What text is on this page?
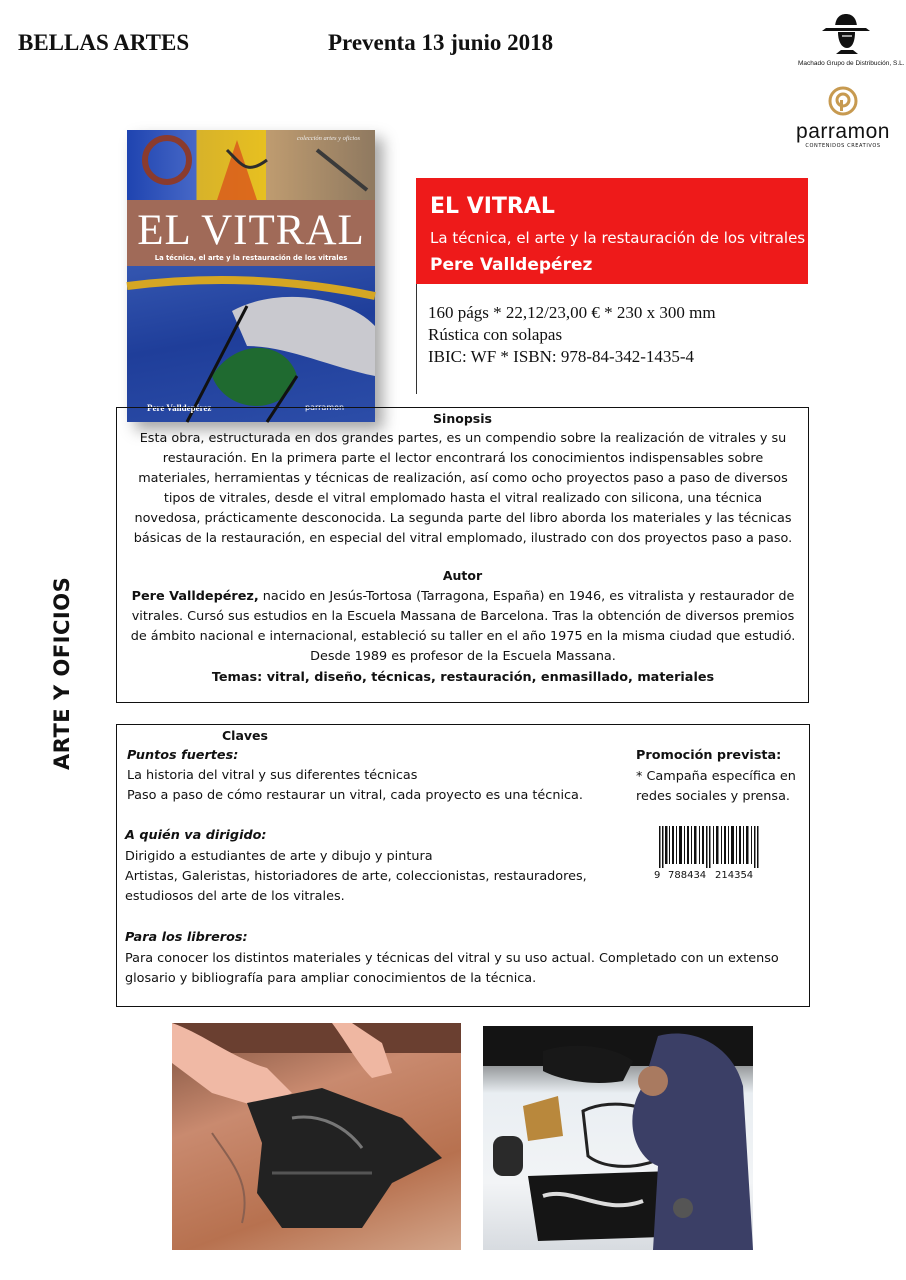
BELLAS ARTES	Preventa 13 junio 2018
Machado Grupo de Distribución, S.L.
parramon
CONTENIDOS CREATIVOS
colección artes y oficios
EL VITRAL
La técnica, el arte y la restauración de los vitrales
Pere Valldepérez	parramon
EL VITRAL
La técnica, el arte y la restauración de los vitrales
Pere Valldepérez
160 págs * 22,12/23,00 € * 230 x 300 mm
Rústica con solapas
IBIC: WF * ISBN: 978-84-342-1435-4
ARTE Y OFICIOS
Sinopsis
Esta obra, estructurada en dos grandes partes, es un compendio sobre la realización de vitrales y su restauración. En la primera parte el lector encontrará los conocimientos indispensables sobre materiales, herramientas y técnicas de realización, así como ocho proyectos paso a paso de diversos tipos de vitrales, desde el vitral emplomado hasta el vitral realizado con silicona, una técnica novedosa, prácticamente desconocida. La segunda parte del libro aborda los materiales y las técnicas básicas de la restauración, en especial del vitral emplomado, ilustrado con dos proyectos paso a paso.
Autor
Pere Valldepérez, nacido en Jesús-Tortosa (Tarragona, España) en 1946, es vitralista y restaurador de vitrales. Cursó sus estudios en la Escuela Massana de Barcelona. Tras la obtención de diversos premios de ámbito nacional e internacional, estableció su taller en el año 1975 en la misma ciudad que estudió. Desde 1989 es profesor de la Escuela Massana.
Temas: vitral, diseño, técnicas, restauración, enmasillado, materiales
Claves
Puntos fuertes:
La historia del vitral y sus diferentes técnicas
Paso a paso de cómo restaurar un vitral, cada proyecto es una técnica.
A quién va dirigido:
Dirigido a estudiantes de arte y dibujo y pintura
Artistas, Galeristas, historiadores de arte, coleccionistas, restauradores,
estudiosos del arte de los vitrales.
Para los libreros:
Para conocer los distintos materiales y técnicas del vitral y su uso actual. Completado con un extenso
glosario y bibliografía para ampliar conocimientos de la técnica.
Promoción prevista:
* Campaña específica en
redes sociales y prensa.
9 788434 214354
